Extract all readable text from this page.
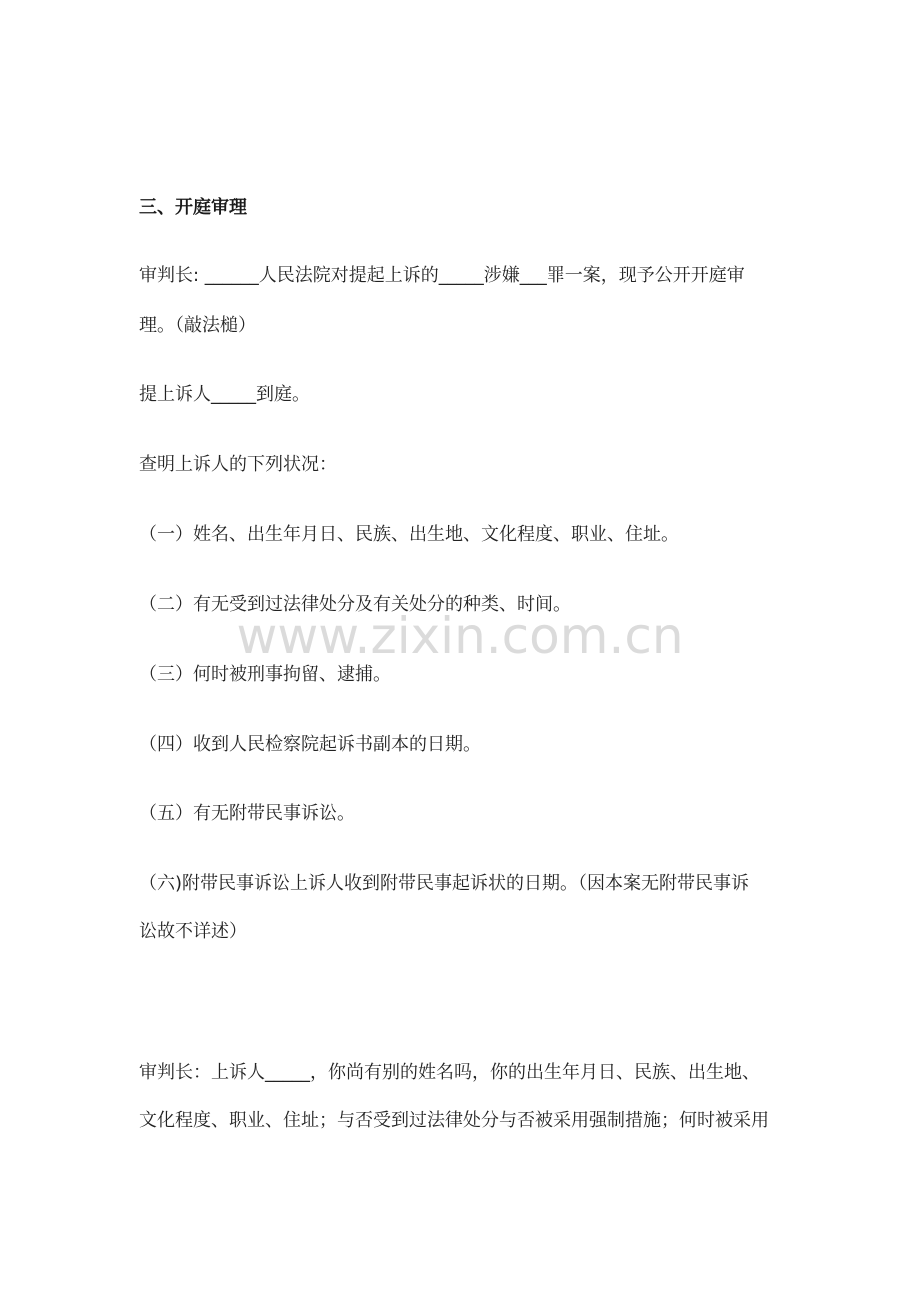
三、开庭审理
审判长: ______人民法院对提起上诉的_____涉嫌___罪一案，现予公开开庭审
理。（敲法槌）
提上诉人_____到庭。
查明上诉人的下列状况：
（一）姓名、出生年月日、民族、出生地、文化程度、职业、住址。
（二）有无受到过法律处分及有关处分的种类、时间。
（三）何时被刑事拘留、逮捕。
（四）收到人民检察院起诉书副本的日期。
（五）有无附带民事诉讼。
（六)附带民事诉讼上诉人收到附带民事起诉状的日期。（因本案无附带民事诉
讼故不详述）
审判长：上诉人_____，你尚有别的姓名吗，你的出生年月日、民族、出生地、
文化程度、职业、住址；与否受到过法律处分与否被采用强制措施；何时被采用
www.zixin.com.cn
